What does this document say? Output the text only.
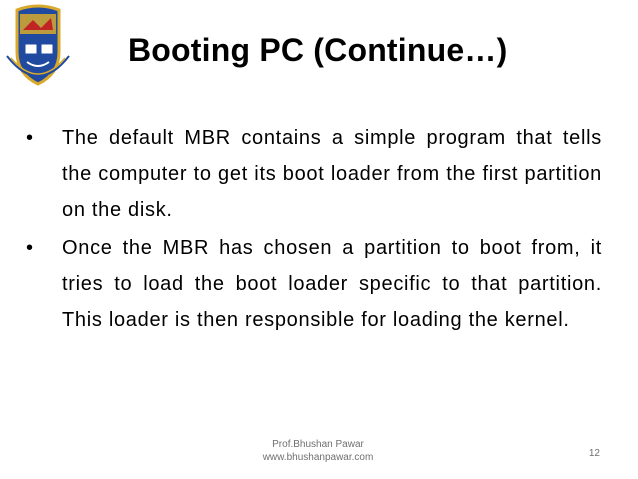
Booting PC (Continue…)
• The default MBR contains a simple program that tells the computer to get its boot loader from the first partition on the disk.
• Once the MBR has chosen a partition to boot from, it tries to load the boot loader specific to that partition. This loader is then responsible for loading the kernel.
Prof.Bhushan Pawar
www.bhushanpawar.com	12
